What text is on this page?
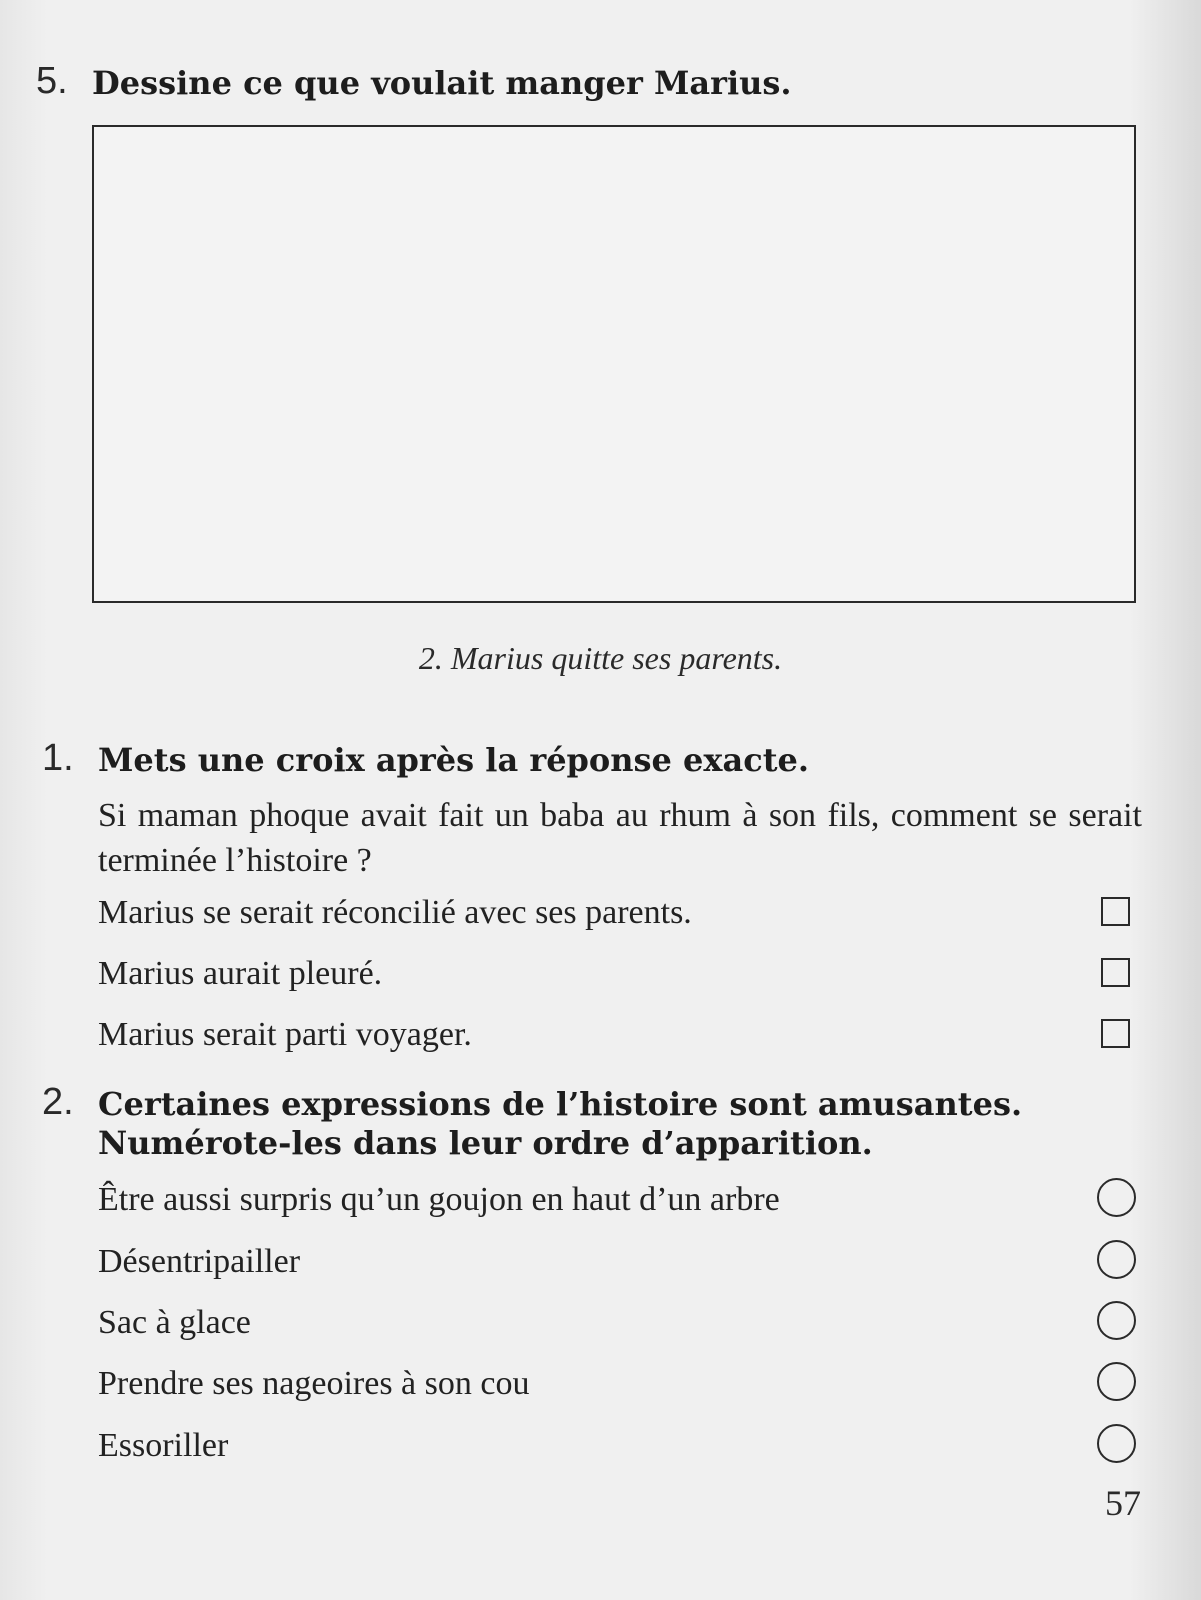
5. Dessine ce que voulait manger Marius.
2. Marius quitte ses parents.
1. Mets une croix après la réponse exacte.
Si maman phoque avait fait un baba au rhum à son fils, comment se serait terminée l’histoire ?
Marius se serait réconcilié avec ses parents.
Marius aurait pleuré.
Marius serait parti voyager.
2. Certaines expressions de l’histoire sont amusantes.
Numérote-les dans leur ordre d’apparition.
Être aussi surpris qu’un goujon en haut d’un arbre
Désentripailler
Sac à glace
Prendre ses nageoires à son cou
Essoriller
57
